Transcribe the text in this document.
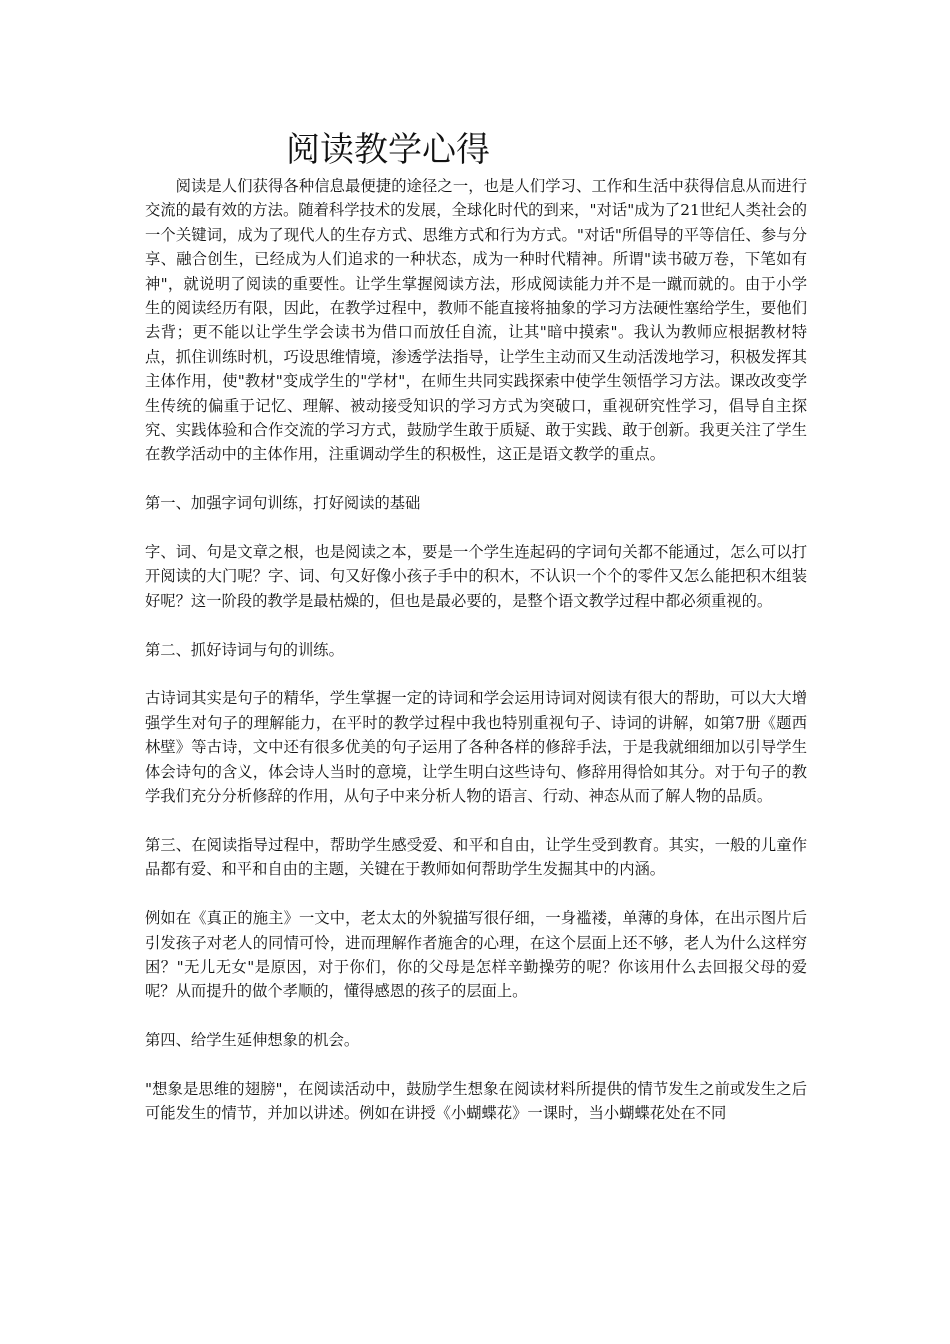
阅读教学心得

阅读是人们获得各种信息最便捷的途径之一，也是人们学习、工作和生活中获得信息从而进行交流的最有效的方法。随着科学技术的发展，全球化时代的到来，"对话"成为了21世纪人类社会的一个关键词，成为了现代人的生存方式、思维方式和行为方式。"对话"所倡导的平等信任、参与分享、融合创生，已经成为人们追求的一种状态，成为一种时代精神。所谓"读书破万卷，下笔如有神"，就说明了阅读的重要性。让学生掌握阅读方法，形成阅读能力并不是一蹴而就的。由于小学生的阅读经历有限，因此，在教学过程中，教师不能直接将抽象的学习方法硬性塞给学生，要他们去背；更不能以让学生学会读书为借口而放任自流，让其"暗中摸索"。我认为教师应根据教材特点，抓住训练时机，巧设思维情境，渗透学法指导，让学生主动而又生动活泼地学习，积极发挥其主体作用，使"教材"变成学生的"学材"，在师生共同实践探索中使学生领悟学习方法。课改改变学生传统的偏重于记忆、理解、被动接受知识的学习方式为突破口，重视研究性学习，倡导自主探究、实践体验和合作交流的学习方式，鼓励学生敢于质疑、敢于实践、敢于创新。我更关注了学生在教学活动中的主体作用，注重调动学生的积极性，这正是语文教学的重点。

第一、加强字词句训练，打好阅读的基础

字、词、句是文章之根，也是阅读之本，要是一个学生连起码的字词句关都不能通过，怎么可以打开阅读的大门呢？字、词、句又好像小孩子手中的积木，不认识一个个的零件又怎么能把积木组装好呢？这一阶段的教学是最枯燥的，但也是最必要的，是整个语文教学过程中都必须重视的。

第二、抓好诗词与句的训练。

古诗词其实是句子的精华，学生掌握一定的诗词和学会运用诗词对阅读有很大的帮助，可以大大增强学生对句子的理解能力，在平时的教学过程中我也特别重视句子、诗词的讲解，如第7册《题西林壁》等古诗，文中还有很多优美的句子运用了各种各样的修辞手法，于是我就细细加以引导学生体会诗句的含义，体会诗人当时的意境，让学生明白这些诗句、修辞用得恰如其分。对于句子的教学我们充分分析修辞的作用，从句子中来分析人物的语言、行动、神态从而了解人物的品质。

第三、在阅读指导过程中，帮助学生感受爱、和平和自由，让学生受到教育。其实，一般的儿童作品都有爱、和平和自由的主题，关键在于教师如何帮助学生发掘其中的内涵。

例如在《真正的施主》一文中，老太太的外貌描写很仔细，一身褴褛，单薄的身体，在出示图片后引发孩子对老人的同情可怜，进而理解作者施舍的心理，在这个层面上还不够，老人为什么这样穷困？"无儿无女"是原因，对于你们，你的父母是怎样辛勤操劳的呢？你该用什么去回报父母的爱呢？从而提升的做个孝顺的，懂得感恩的孩子的层面上。

第四、给学生延伸想象的机会。

"想象是思维的翅膀"，在阅读活动中，鼓励学生想象在阅读材料所提供的情节发生之前或发生之后可能发生的情节，并加以讲述。例如在讲授《小蝴蝶花》一课时，当小蝴蝶花处在不同
